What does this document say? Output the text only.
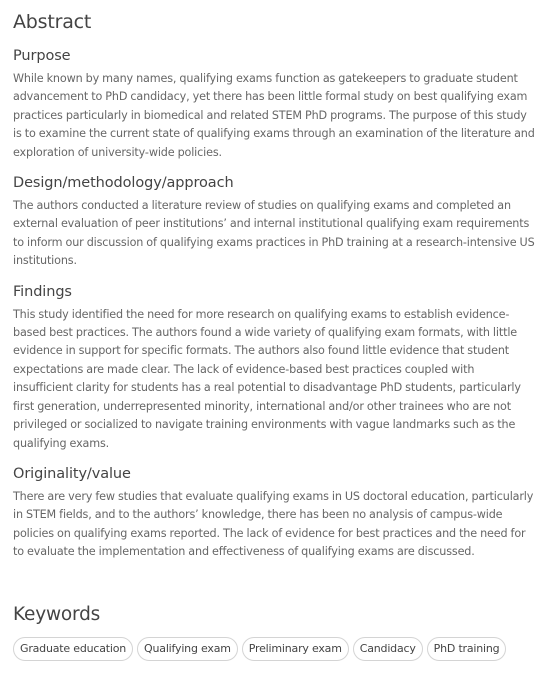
Abstract
Purpose

While known by many names, qualifying exams function as gatekeepers to graduate student advancement to PhD candidacy, yet there has been little formal study on best qualifying exam practices particularly in biomedical and related STEM PhD programs. The purpose of this study is to examine the current state of qualifying exams through an examination of the literature and exploration of university-wide policies.

Design/methodology/approach

The authors conducted a literature review of studies on qualifying exams and completed an external evaluation of peer institutions’ and internal institutional qualifying exam requirements to inform our discussion of qualifying exams practices in PhD training at a research-intensive US institutions.

Findings

This study identified the need for more research on qualifying exams to establish evidence-based best practices. The authors found a wide variety of qualifying exam formats, with little evidence in support for specific formats. The authors also found little evidence that student expectations are made clear. The lack of evidence-based best practices coupled with insufficient clarity for students has a real potential to disadvantage PhD students, particularly first generation, underrepresented minority, international and/or other trainees who are not privileged or socialized to navigate training environments with vague landmarks such as the qualifying exams.

Originality/value

There are very few studies that evaluate qualifying exams in US doctoral education, particularly in STEM fields, and to the authors’ knowledge, there has been no analysis of campus-wide policies on qualifying exams reported. The lack of evidence for best practices and the need for to evaluate the implementation and effectiveness of qualifying exams are discussed.

Keywords
Graduate education	Qualifying exam	Preliminary exam	Candidacy	PhD training
